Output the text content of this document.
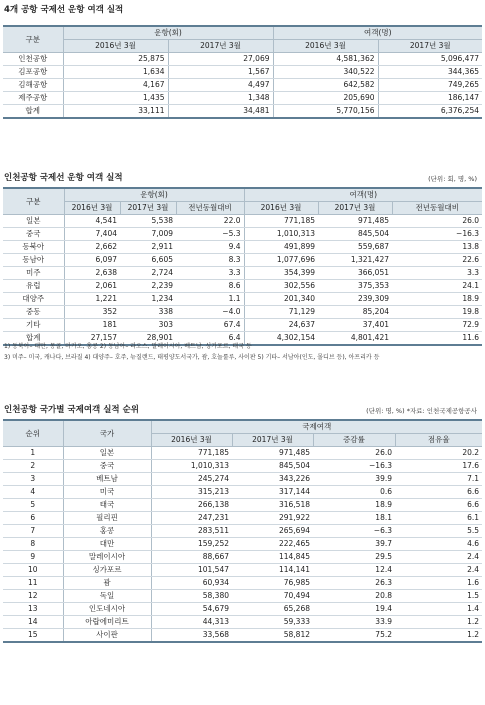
4개 공항 국제선 운항 여객 실적
구분	운항(회)		여객(명)	
	2016년 3월	2017년 3월	2016년 3월	2017년 3월
인천공항	25,875	27,069	4,581,362	5,096,477
김포공항	1,634	1,567	340,522	344,365
김해공항	4,167	4,497	642,582	749,265
제주공항	1,435	1,348	205,690	186,147
합계	33,111	34,481	5,770,156	6,376,254
인천공항 국제선 운항 여객 실적	(단위: 회, 명, %)
구분	운항(회)			여객(명)		
	2016년 3월	2017년 3월	전년동월대비	2016년 3월	2017년 3월	전년동월대비
일본	4,541	5,538	22.0	771,185	971,485	26.0
중국	7,404	7,009	−5.3	1,010,313	845,504	−16.3
동북아	2,662	2,911	9.4	491,899	559,687	13.8
동남아	6,097	6,605	8.3	1,077,696	1,321,427	22.6
미주	2,638	2,724	3.3	354,399	366,051	3.3
유럽	2,061	2,239	8.6	302,556	375,353	24.1
대양주	1,221	1,234	1.1	201,340	239,309	18.9
중동	352	338	−4.0	71,129	85,204	19.8
기타	181	303	67.4	24,637	37,401	72.9
합계	27,157	28,901	6.4	4,302,154	4,801,421	11.6
1) 동북아– 대만, 몽골, 마카오, 홍콩 2) 동남아– 라오스, 말레이시아, 베트남, 싱가포르, 태국 등
3) 미주– 미국, 캐나다, 브라질 4) 대양주– 호주, 뉴질랜드, 태평양도서국가, 괌, 호놀룰루, 사이판 5) 기타– 서남아(인도, 몰디브 등), 아프리카 등
인천공항 국가별 국제여객 실적 순위	(단위: 명, %) *자료: 인천국제공항공사
순위	국가	국제여객			
		2016년 3월	2017년 3월	증감률	점유율
1	일본	771,185	971,485	26.0	20.2
2	중국	1,010,313	845,504	−16.3	17.6
3	베트남	245,274	343,226	39.9	7.1
4	미국	315,213	317,144	0.6	6.6
5	태국	266,138	316,518	18.9	6.6
6	필리핀	247,231	291,922	18.1	6.1
7	홍콩	283,511	265,694	−6.3	5.5
8	대만	159,252	222,465	39.7	4.6
9	말레이시아	88,667	114,845	29.5	2.4
10	싱가포르	101,547	114,141	12.4	2.4
11	괌	60,934	76,985	26.3	1.6
12	독일	58,380	70,494	20.8	1.5
13	인도네시아	54,679	65,268	19.4	1.4
14	아랍에미리트	44,313	59,333	33.9	1.2
15	사이판	33,568	58,812	75.2	1.2
